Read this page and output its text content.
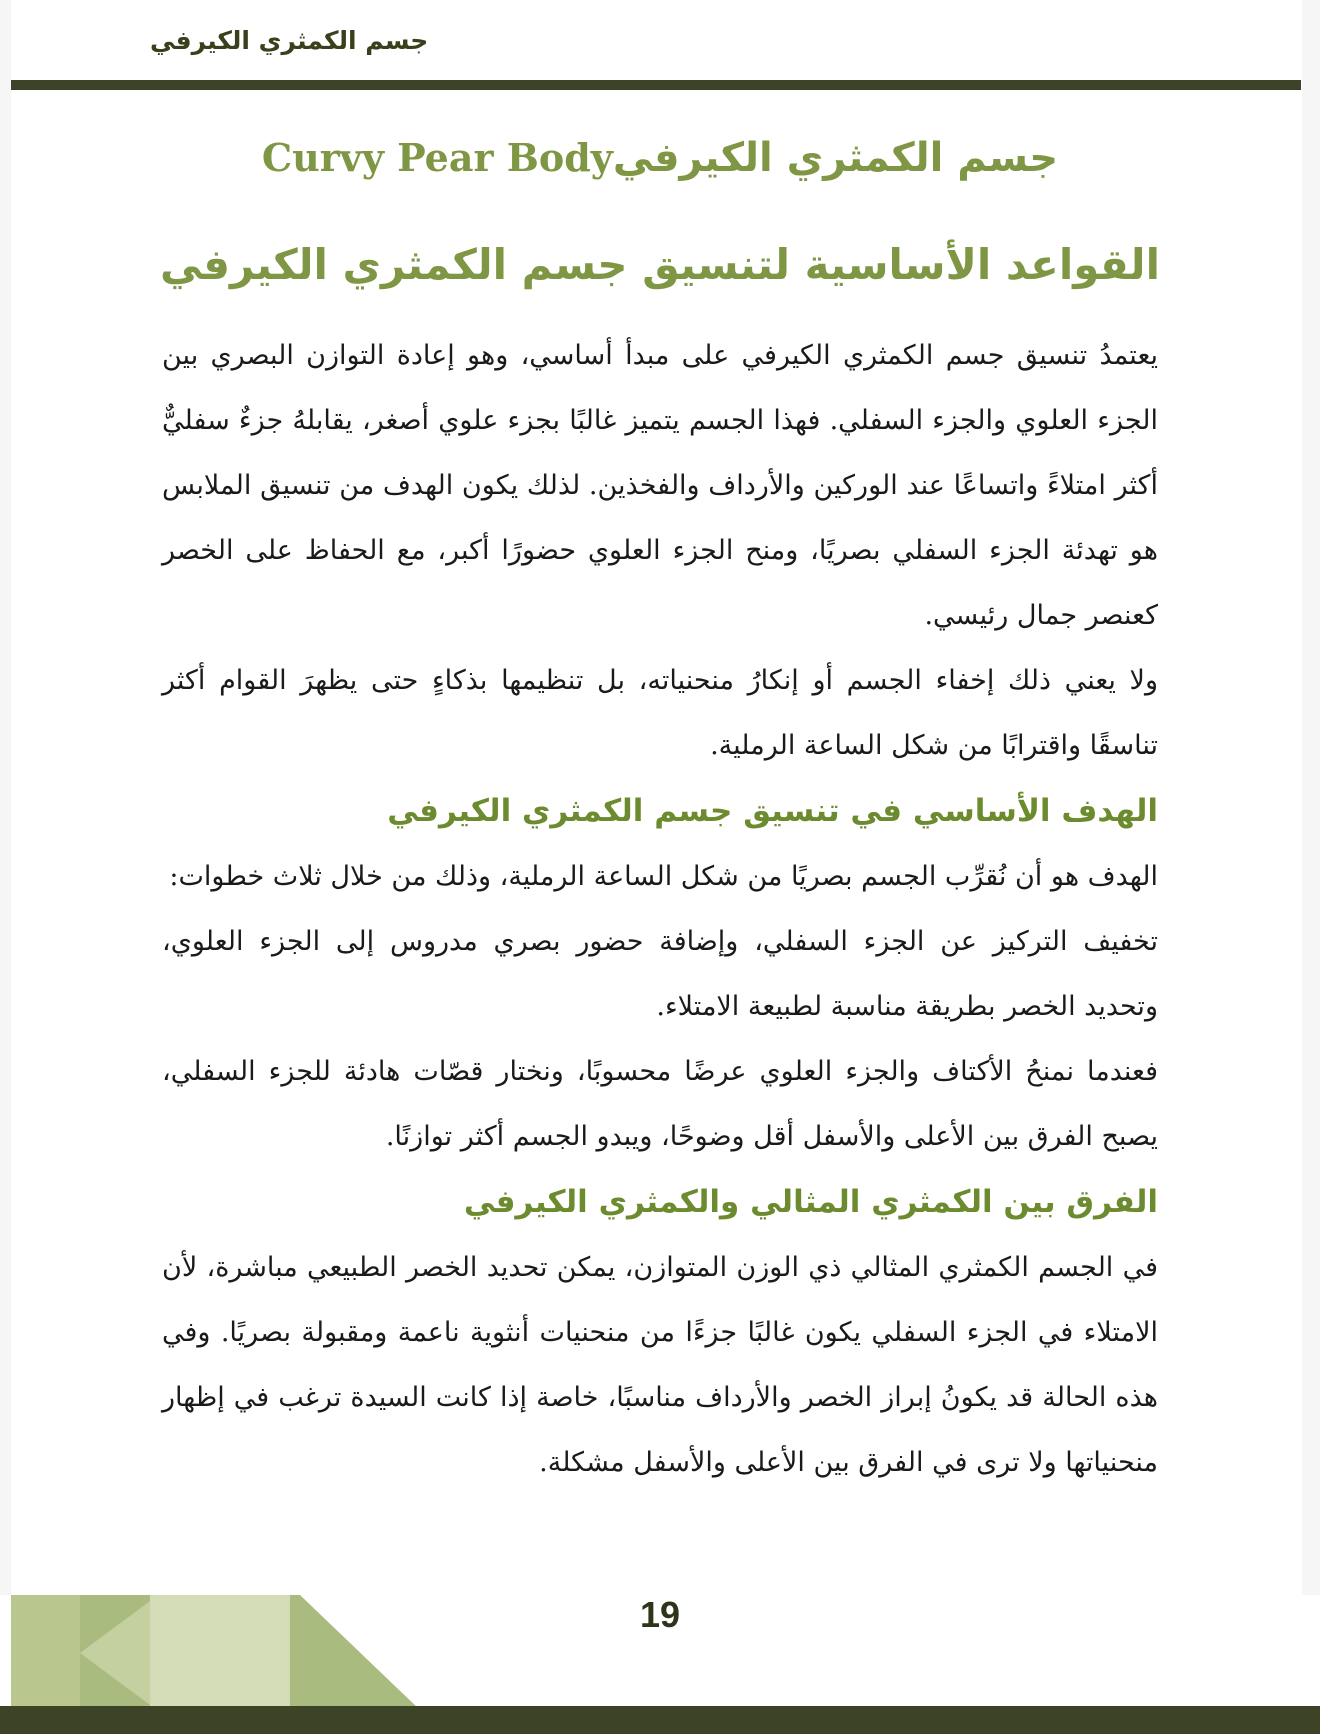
جسم الكمثري الكيرفي
جسم الكمثري الكيرفيCurvy Pear Body
القواعد الأساسية لتنسيق جسم الكمثري الكيرفي

يعتمدُ تنسيق جسم الكمثري الكيرفي على مبدأ أساسي، وهو إعادة التوازن البصري بين الجزء العلوي والجزء السفلي. فهذا الجسم يتميز غالبًا بجزء علوي أصغر، يقابلهُ جزءٌ سفليٌّ أكثر امتلاءً واتساعًا عند الوركين والأرداف والفخذين. لذلك يكون الهدف من تنسيق الملابس هو تهدئة الجزء السفلي بصريًا، ومنح الجزء العلوي حضورًا أكبر، مع الحفاظ على الخصر كعنصر جمال رئيسي.

ولا يعني ذلك إخفاء الجسم أو إنكارُ منحنياته، بل تنظيمها بذكاءٍ حتى يظهرَ القوام أكثر تناسقًا واقترابًا من شكل الساعة الرملية.

الهدف الأساسي في تنسيق جسم الكمثري الكيرفي

الهدف هو أن نُقرِّب الجسم بصريًا من شكل الساعة الرملية، وذلك من خلال ثلاث خطوات:

تخفيف التركيز عن الجزء السفلي، وإضافة حضور بصري مدروس إلى الجزء العلوي، وتحديد الخصر بطريقة مناسبة لطبيعة الامتلاء.

فعندما نمنحُ الأكتاف والجزء العلوي عرضًا محسوبًا، ونختار قصّات هادئة للجزء السفلي، يصبح الفرق بين الأعلى والأسفل أقل وضوحًا، ويبدو الجسم أكثر توازنًا.

الفرق بين الكمثري المثالي والكمثري الكيرفي

في الجسم الكمثري المثالي ذي الوزن المتوازن، يمكن تحديد الخصر الطبيعي مباشرة، لأن الامتلاء في الجزء السفلي يكون غالبًا جزءًا من منحنيات أنثوية ناعمة ومقبولة بصريًا. وفي هذه الحالة قد يكونُ إبراز الخصر والأرداف مناسبًا، خاصة إذا كانت السيدة ترغب في إظهار منحنياتها ولا ترى في الفرق بين الأعلى والأسفل مشكلة.

19
